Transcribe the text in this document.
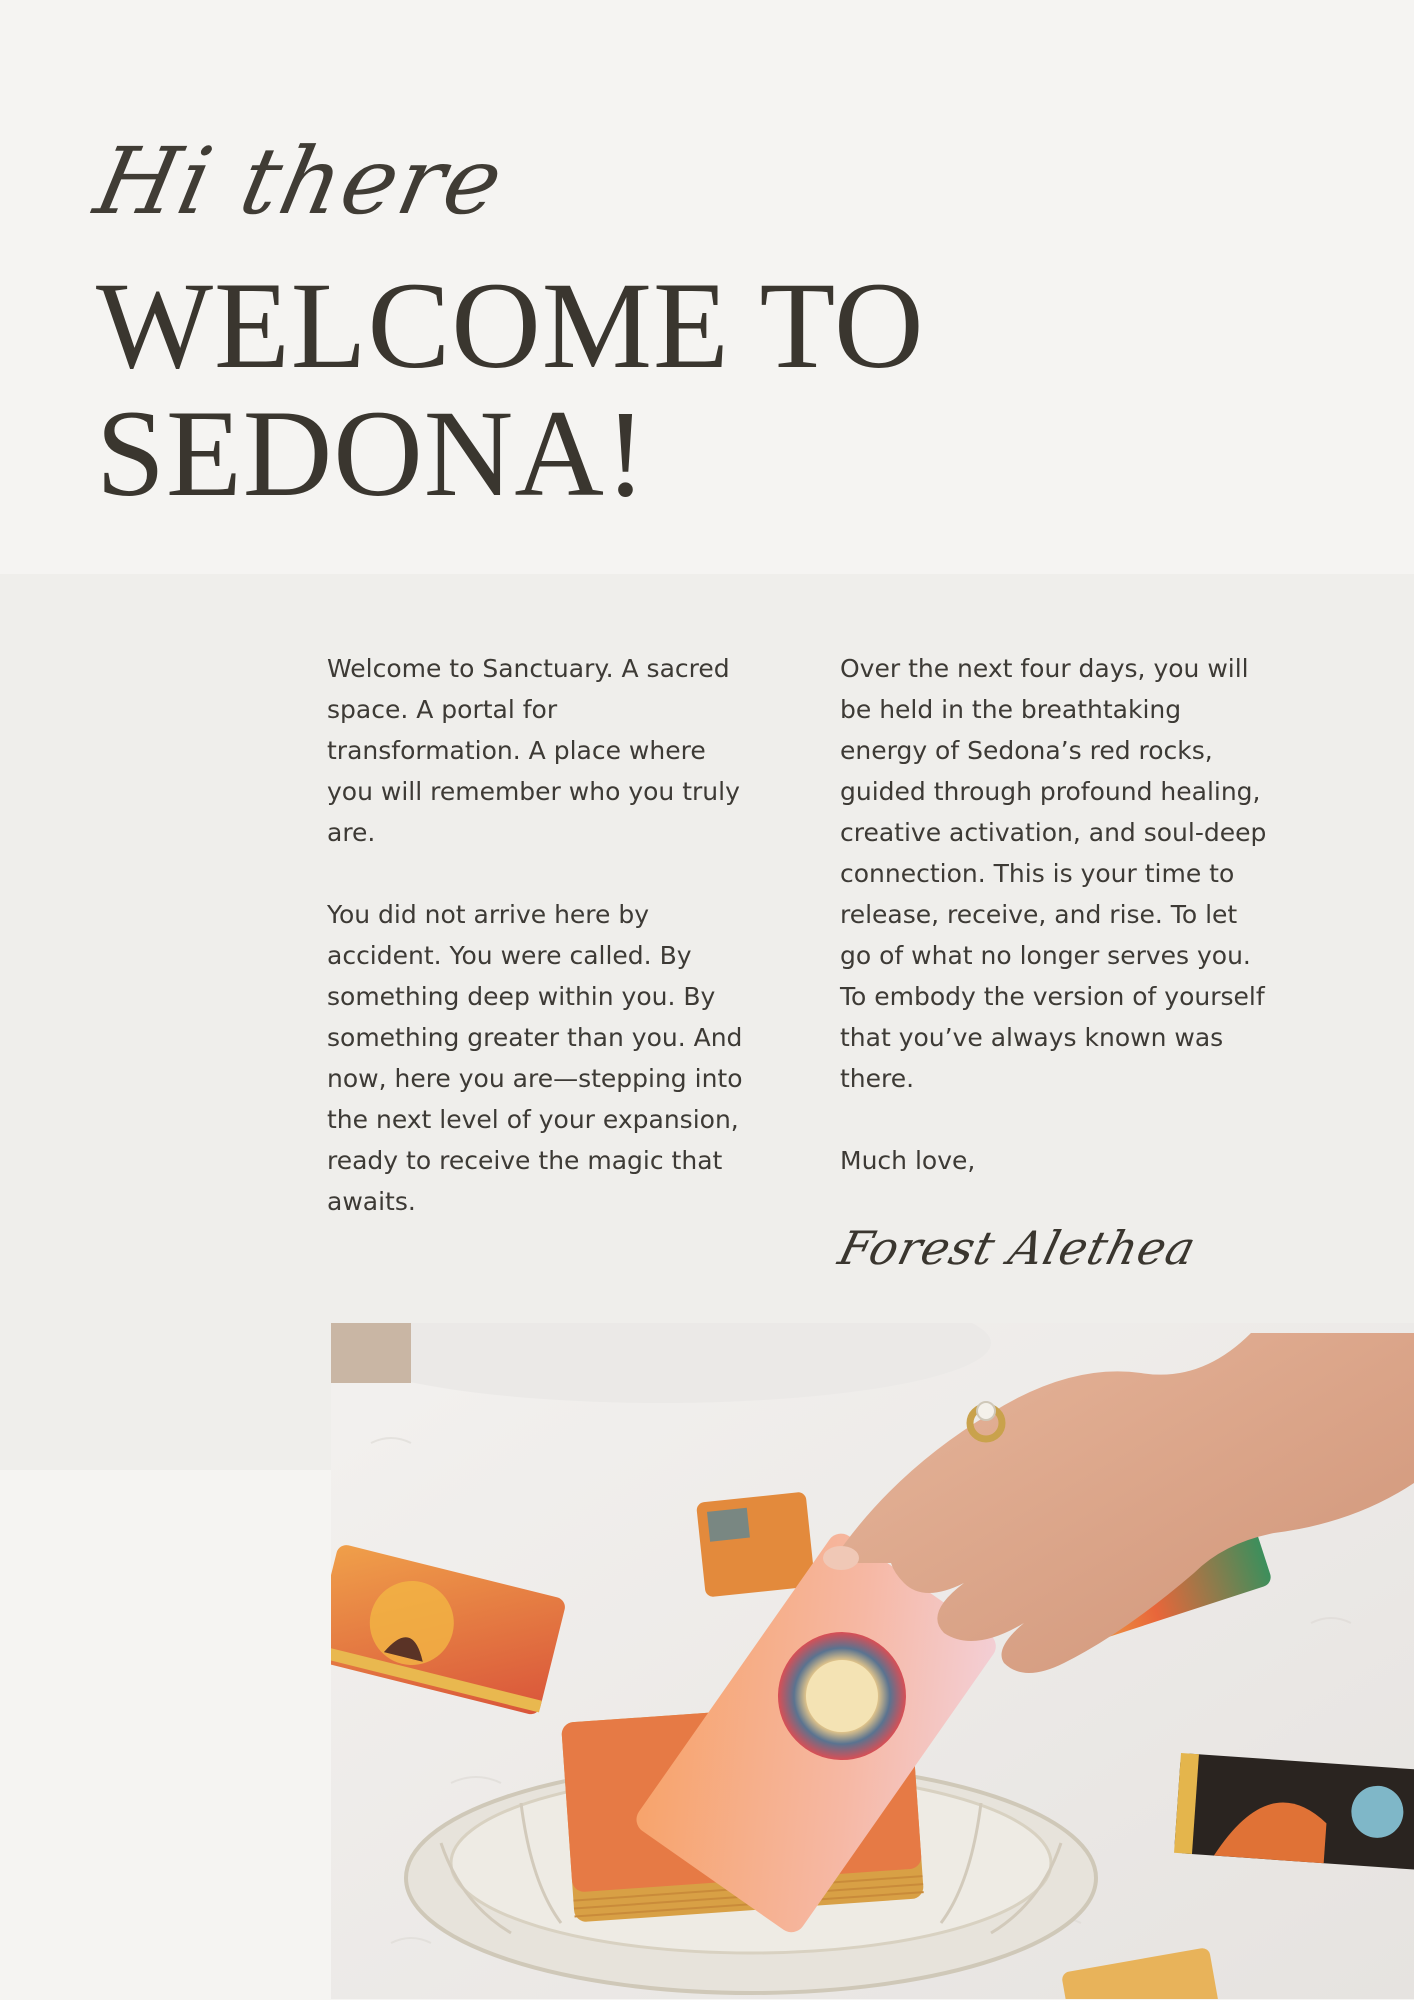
Hi there
WELCOME TO
SEDONA!

Welcome to Sanctuary. A sacred space. A portal for transformation. A place where you will remember who you truly are.

You did not arrive here by accident. You were called. By something deep within you. By something greater than you. And now, here you are—stepping into the next level of your expansion, ready to receive the magic that awaits.

Over the next four days, you will be held in the breathtaking energy of Sedona’s red rocks, guided through profound healing, creative activation, and soul-deep connection. This is your time to release, receive, and rise. To let go of what no longer serves you. To embody the version of yourself that you’ve always known was there.

Much love,

Forest Alethea
